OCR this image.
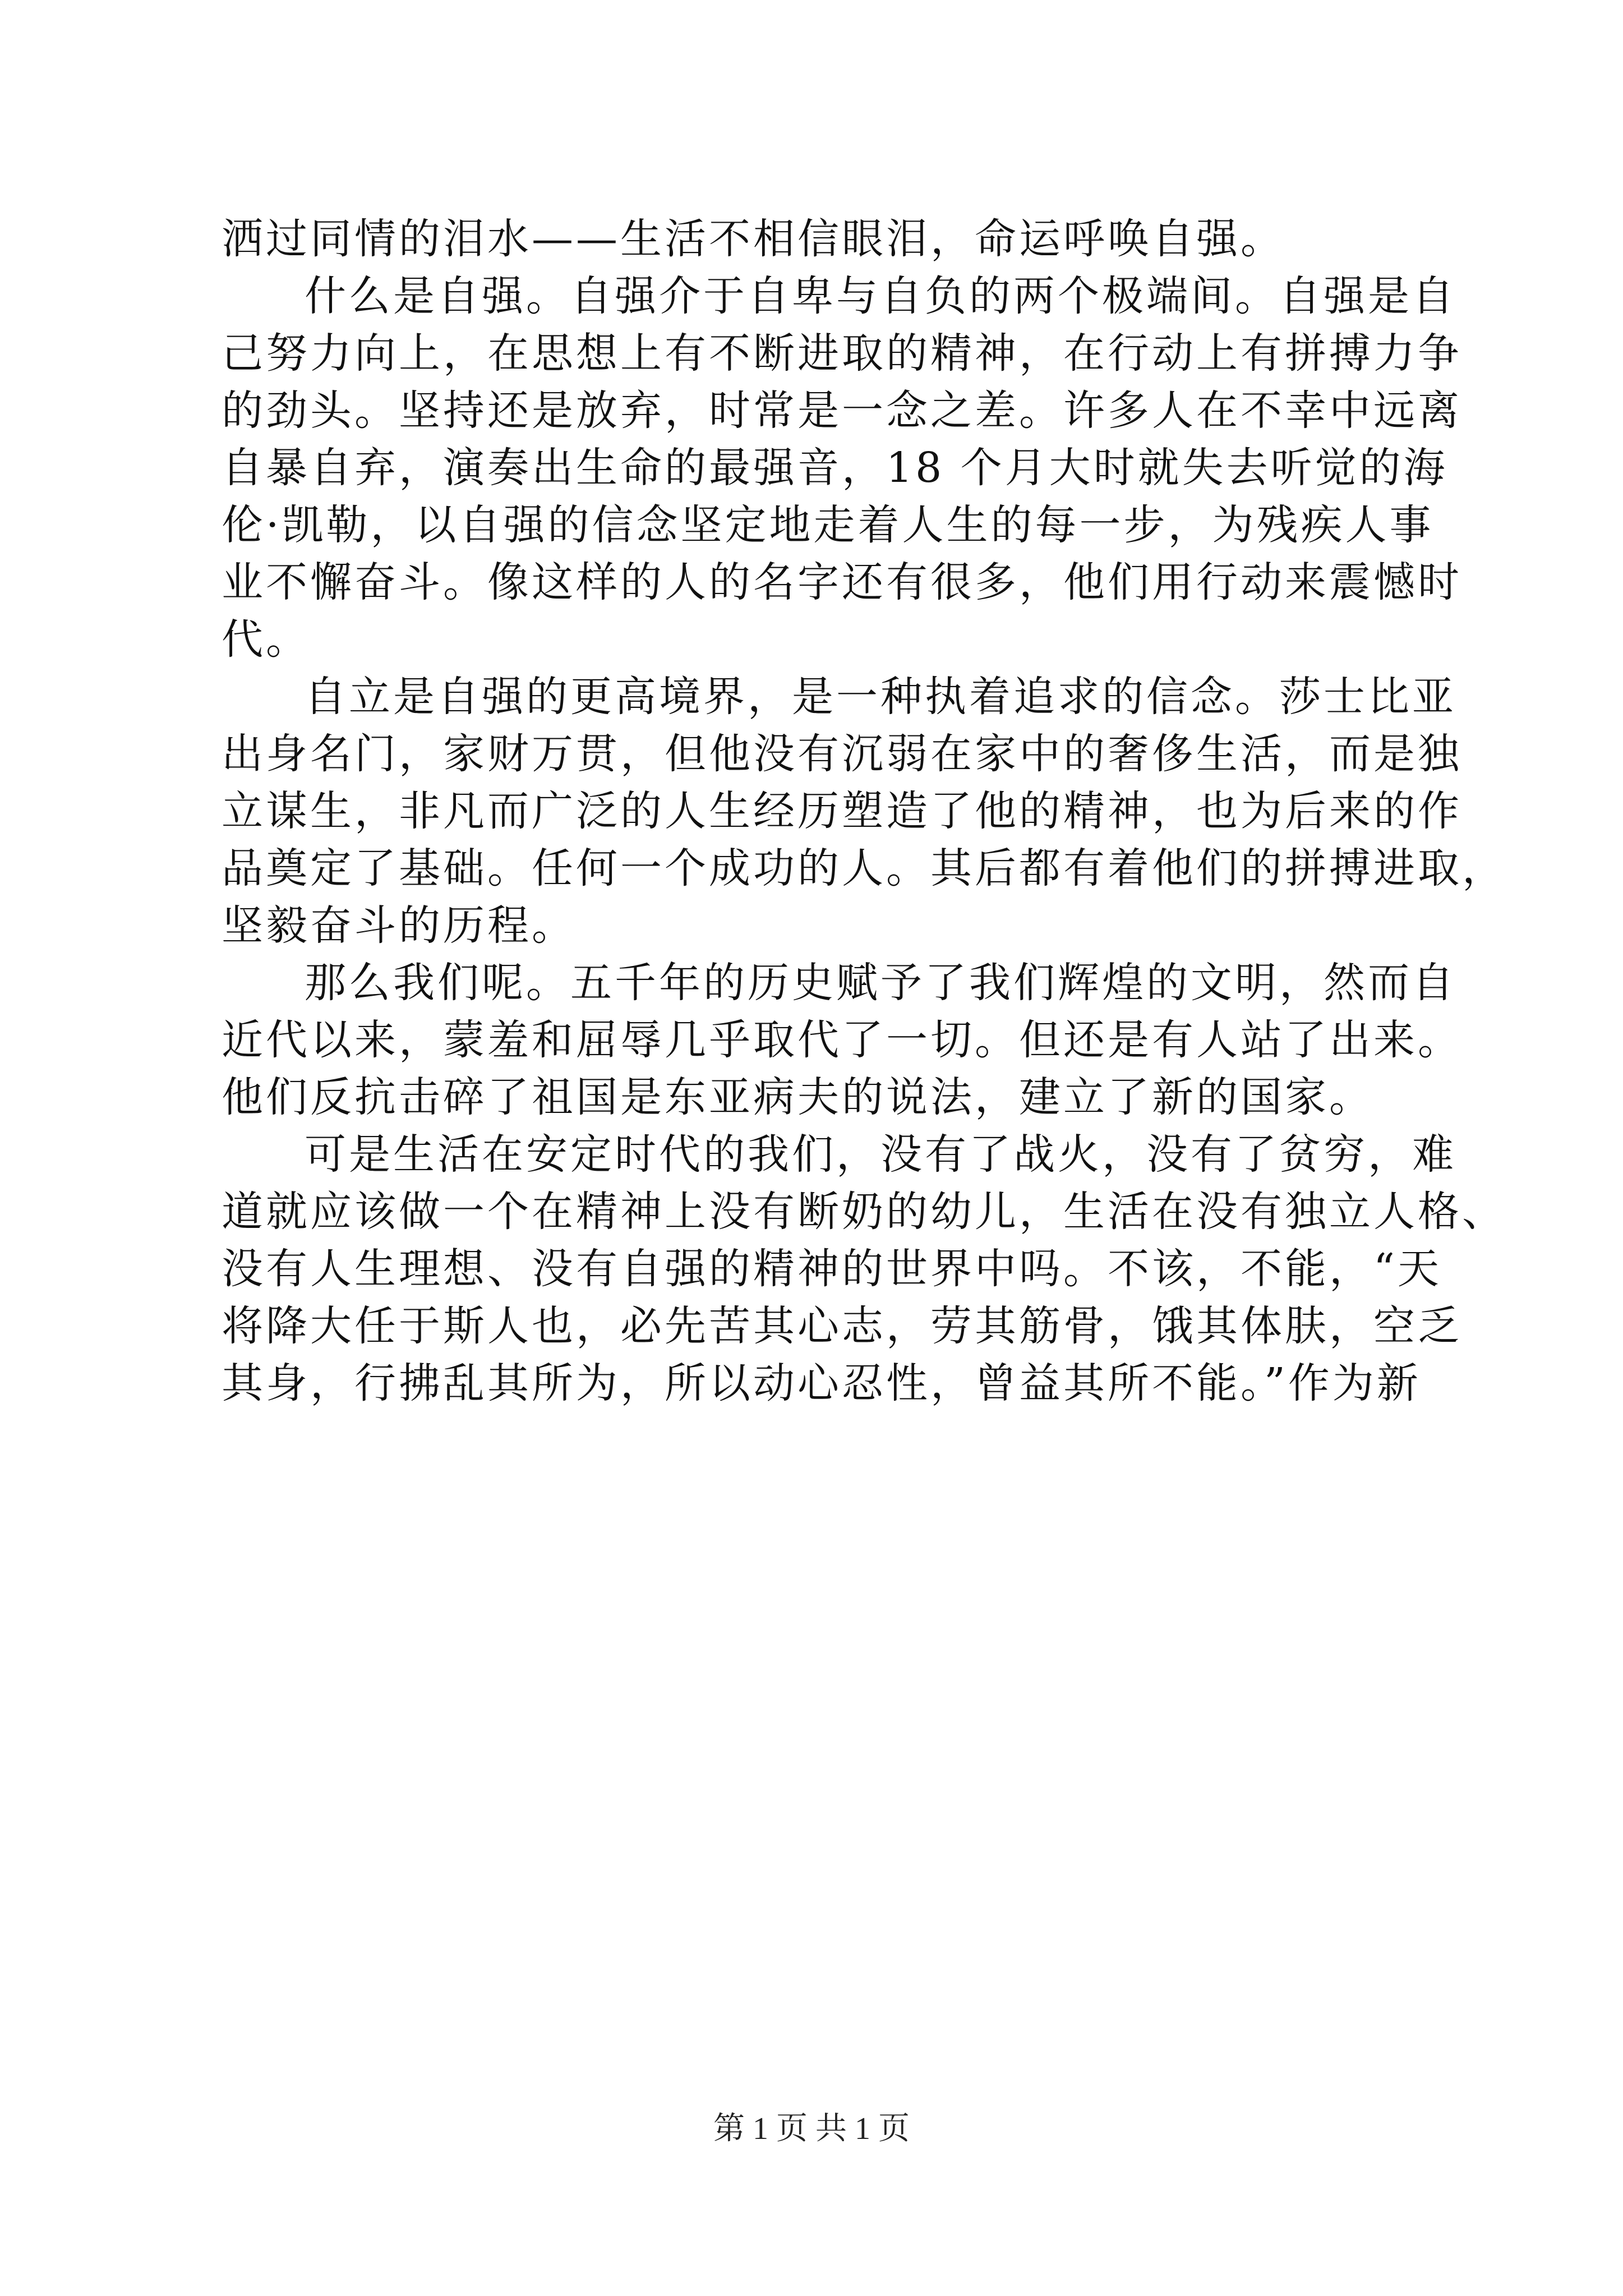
洒过同情的泪水——生活不相信眼泪，命运呼唤自强。

什么是自强。自强介于自卑与自负的两个极端间。自强是自

己努力向上，在思想上有不断进取的精神，在行动上有拼搏力争

的劲头。坚持还是放弃，时常是一念之差。许多人在不幸中远离

自暴自弃，演奏出生命的最强音，18 个月大时就失去听觉的海

伦·凯勒，以自强的信念坚定地走着人生的每一步，为残疾人事

业不懈奋斗。像这样的人的名字还有很多，他们用行动来震憾时

代。

自立是自强的更高境界，是一种执着追求的信念。莎士比亚

出身名门，家财万贯，但他没有沉弱在家中的奢侈生活，而是独

立谋生，非凡而广泛的人生经历塑造了他的精神，也为后来的作

品奠定了基础。任何一个成功的人。其后都有着他们的拼搏进取，

坚毅奋斗的历程。

那么我们呢。五千年的历史赋予了我们辉煌的文明，然而自

近代以来，蒙羞和屈辱几乎取代了一切。但还是有人站了出来。

他们反抗击碎了祖国是东亚病夫的说法，建立了新的国家。

可是生活在安定时代的我们，没有了战火，没有了贫穷，难

道就应该做一个在精神上没有断奶的幼儿，生活在没有独立人格、

没有人生理想、没有自强的精神的世界中吗。不该，不能，“天

将降大任于斯人也，必先苦其心志，劳其筋骨，饿其体肤，空乏

其身，行拂乱其所为，所以动心忍性，曾益其所不能。”作为新

第 1 页 共 1 页
